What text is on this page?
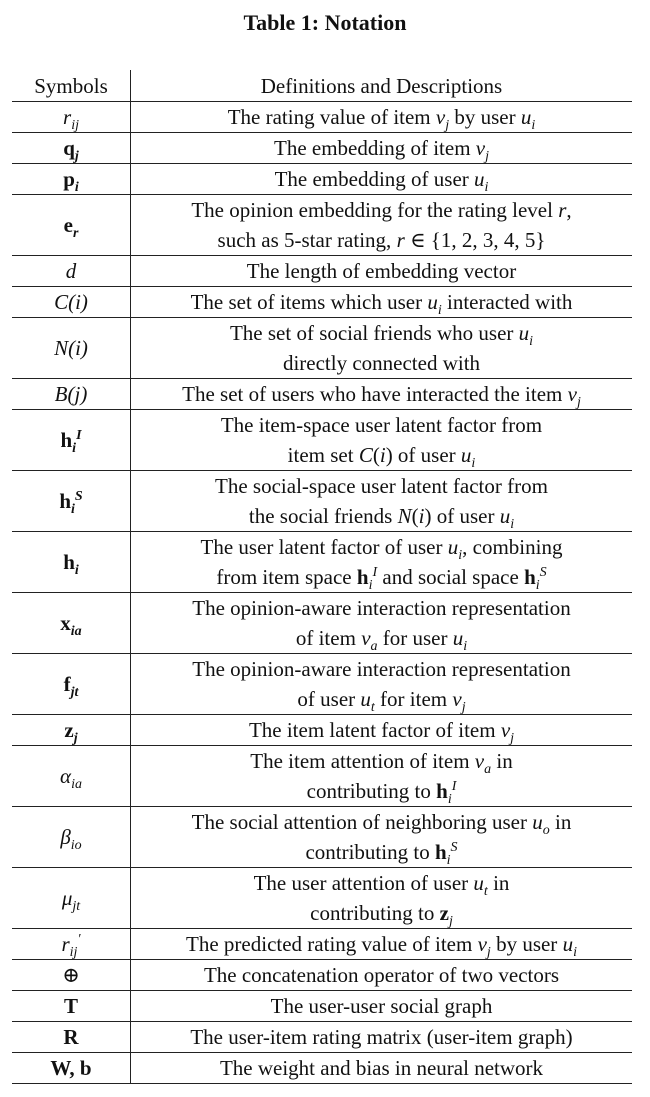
Table 1: Notation
Symbols	Definitions and Descriptions
$r_{ij}$	The rating value of item $v_j$ by user $u_i$

$q_j$	The embedding of item $v_j$

$p_i$	The embedding of user $u_i$

$e_r$	The opinion embedding for the rating level r,
such as 5-star rating, r ∈ {1, 2, 3, 4, 5}

d	The length of embedding vector

C(i)	The set of items which user $u_i$ interacted with

N(i)	The set of social friends who user $u_i$
directly connected with

B(j)	The set of users who have interacted the item $v_j$

$h_i^I$	The item-space user latent factor from
item set C(i) of user $u_i$

$h_i^S$	The social-space user latent factor from
the social friends N(i) of user $u_i$

$h_i$	The user latent factor of user $u_i$, combining
from item space $h_i^I$ and social space $h_i^S$

$x_{ia}$	The opinion-aware interaction representation
of item $v_a$ for user $u_i$

$f_{jt}$	The opinion-aware interaction representation
of user $u_t$ for item $v_j$

$z_j$	The item latent factor of item $v_j$

$\alpha_{ia}$	The item attention of item $v_a$ in
contributing to $h_i^I$

$\beta_{io}$	The social attention of neighboring user $u_o$ in
contributing to $h_i^S$

$\mu_{jt}$	The user attention of user $u_t$ in
contributing to $z_j$

$r_{ij}'$	The predicted rating value of item $v_j$ by user $u_i$

⊕	The concatenation operator of two vectors

T	The user-user social graph

R	The user-item rating matrix (user-item graph)

W, b	The weight and bias in neural network
